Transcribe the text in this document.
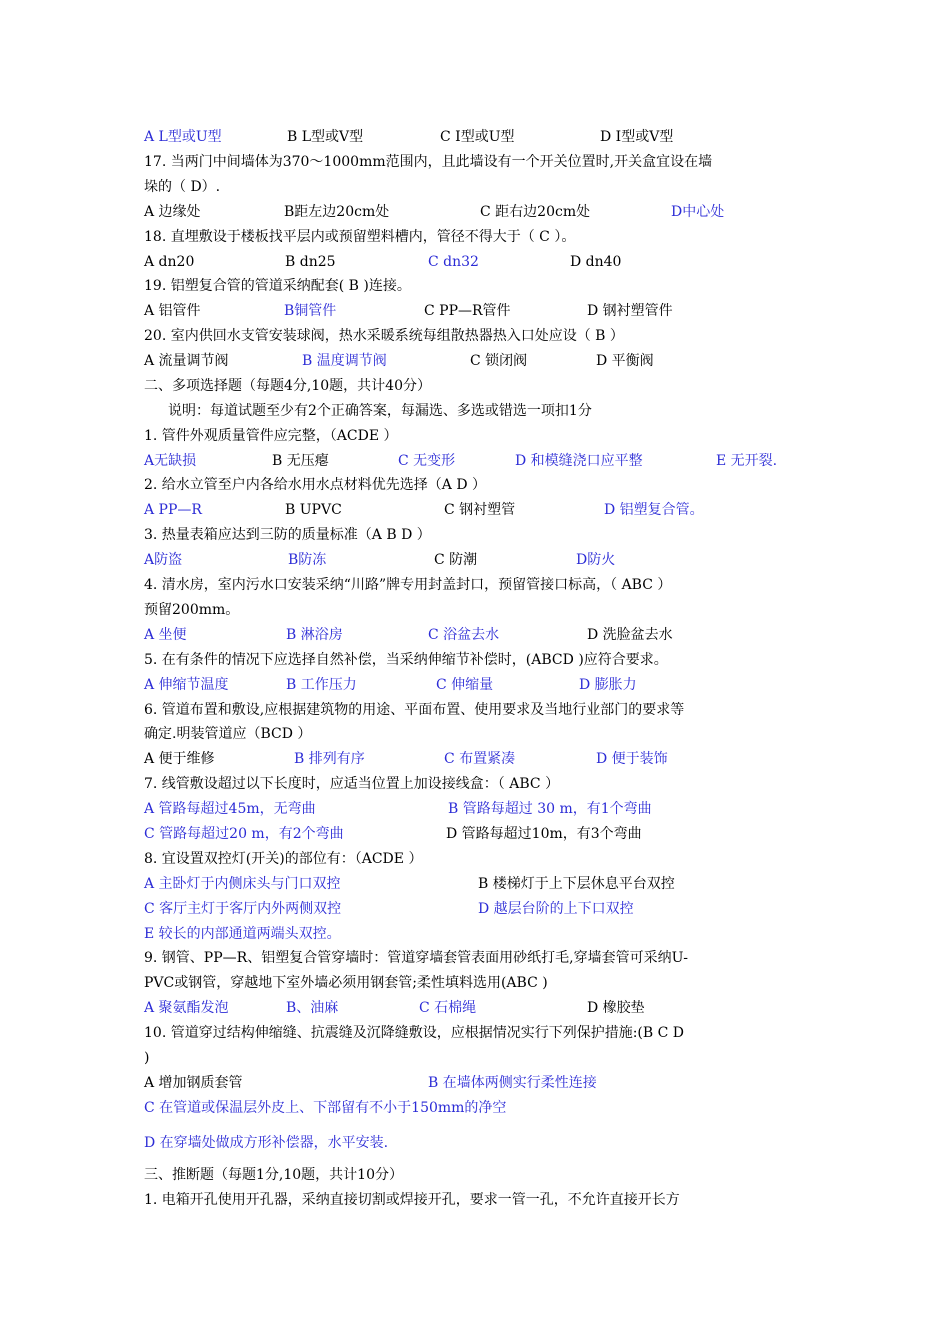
A L型或U型	B L型或V型	C I型或U型	D I型或V型
17. 当两门中间墙体为370～1000mm范围内，且此墙设有一个开关位置时,开关盒宜设在墙
垛的（ D）.
A 边缘处	B距左边20cm处	C 距右边20cm处	D中心处
18. 直埋敷设于楼板找平层内或预留塑料槽内，管径不得大于（ C ）。
A dn20	B dn25	C dn32	D dn40
19. 铝塑复合管的管道采纳配套( B )连接。
A 铝管件	B铜管件	C PP—R管件	D 钢衬塑管件
20. 室内供回水支管安装球阀，热水采暖系统每组散热器热入口处应设（ B ）
A 流量调节阀	B 温度调节阀	C 锁闭阀	D 平衡阀
二、多项选择题（每题4分,10题，共计40分）
说明：每道试题至少有2个正确答案，每漏选、多选或错选一项扣1分
1. 管件外观质量管件应完整，（ACDE ）
A无缺损	B 无压瘪	C 无变形	D 和模缝浇口应平整	E 无开裂.
2. 给水立管至户内各给水用水点材料优先选择（A D ）
A PP—R	B UPVC	C 钢衬塑管	D 铝塑复合管。
3. 热量表箱应达到三防的质量标准（A B D ）
A防盗	B防冻	C 防潮	D防火
4. 清水房，室内污水口安装采纳“川路”牌专用封盖封口，预留管接口标高，（ ABC ）
预留200mm。
A 坐便	B 淋浴房	C 浴盆去水	D 洗脸盆去水
5. 在有条件的情况下应选择自然补偿，当采纳伸缩节补偿时，(ABCD )应符合要求。
A 伸缩节温度	B 工作压力	C 伸缩量	D 膨胀力
6. 管道布置和敷设,应根据建筑物的用途、平面布置、使用要求及当地行业部门的要求等
确定.明装管道应（BCD ）
A 便于维修	B 排列有序	C 布置紧凑	D 便于装饰
7. 线管敷设超过以下长度时，应适当位置上加设接线盒：（ ABC ）
A 管路每超过45m，无弯曲	B 管路每超过 30 m，有1个弯曲
C 管路每超过20 m，有2个弯曲	D 管路每超过10m，有3个弯曲
8. 宜设置双控灯(开关)的部位有：（ACDE ）
A 主卧灯于内侧床头与门口双控	B 楼梯灯于上下层休息平台双控
C 客厅主灯于客厅内外两侧双控	D 越层台阶的上下口双控
E 较长的内部通道两端头双控。
9. 钢管、PP—R、铝塑复合管穿墙时：管道穿墙套管表面用砂纸打毛,穿墙套管可采纳U-
PVC或钢管，穿越地下室外墙必须用钢套管;柔性填料选用(ABC )
A 聚氨酯发泡	B、油麻	C 石棉绳	D 橡胶垫
10. 管道穿过结构伸缩缝、抗震缝及沉降缝敷设，应根据情况实行下列保护措施:(B C D
)
A 增加钢质套管	B 在墙体两侧实行柔性连接
C 在管道或保温层外皮上、下部留有不小于150mm的净空
D 在穿墙处做成方形补偿器，水平安装.
三、推断题（每题1分,10题，共计10分）
1. 电箱开孔使用开孔器，采纳直接切割或焊接开孔，要求一管一孔，不允许直接开长方
